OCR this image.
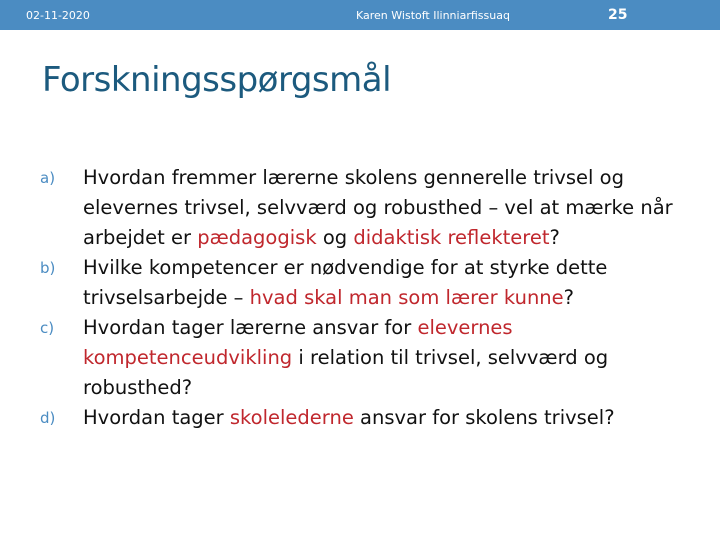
02-11-2020	Karen Wistoft Ilinniarfissuaq	25
Forskningsspørgsmål
a) Hvordan fremmer lærerne skolens gennerelle trivsel og elevernes trivsel, selvværd og robusthed – vel at mærke når arbejdet er pædagogisk og didaktisk reflekteret?
b) Hvilke kompetencer er nødvendige for at styrke dette trivselsarbejde – hvad skal man som lærer kunne?
c) Hvordan tager lærerne ansvar for elevernes kompetenceudvikling i relation til trivsel, selvværd og robusthed?
d) Hvordan tager skolelederne ansvar for skolens trivsel?
